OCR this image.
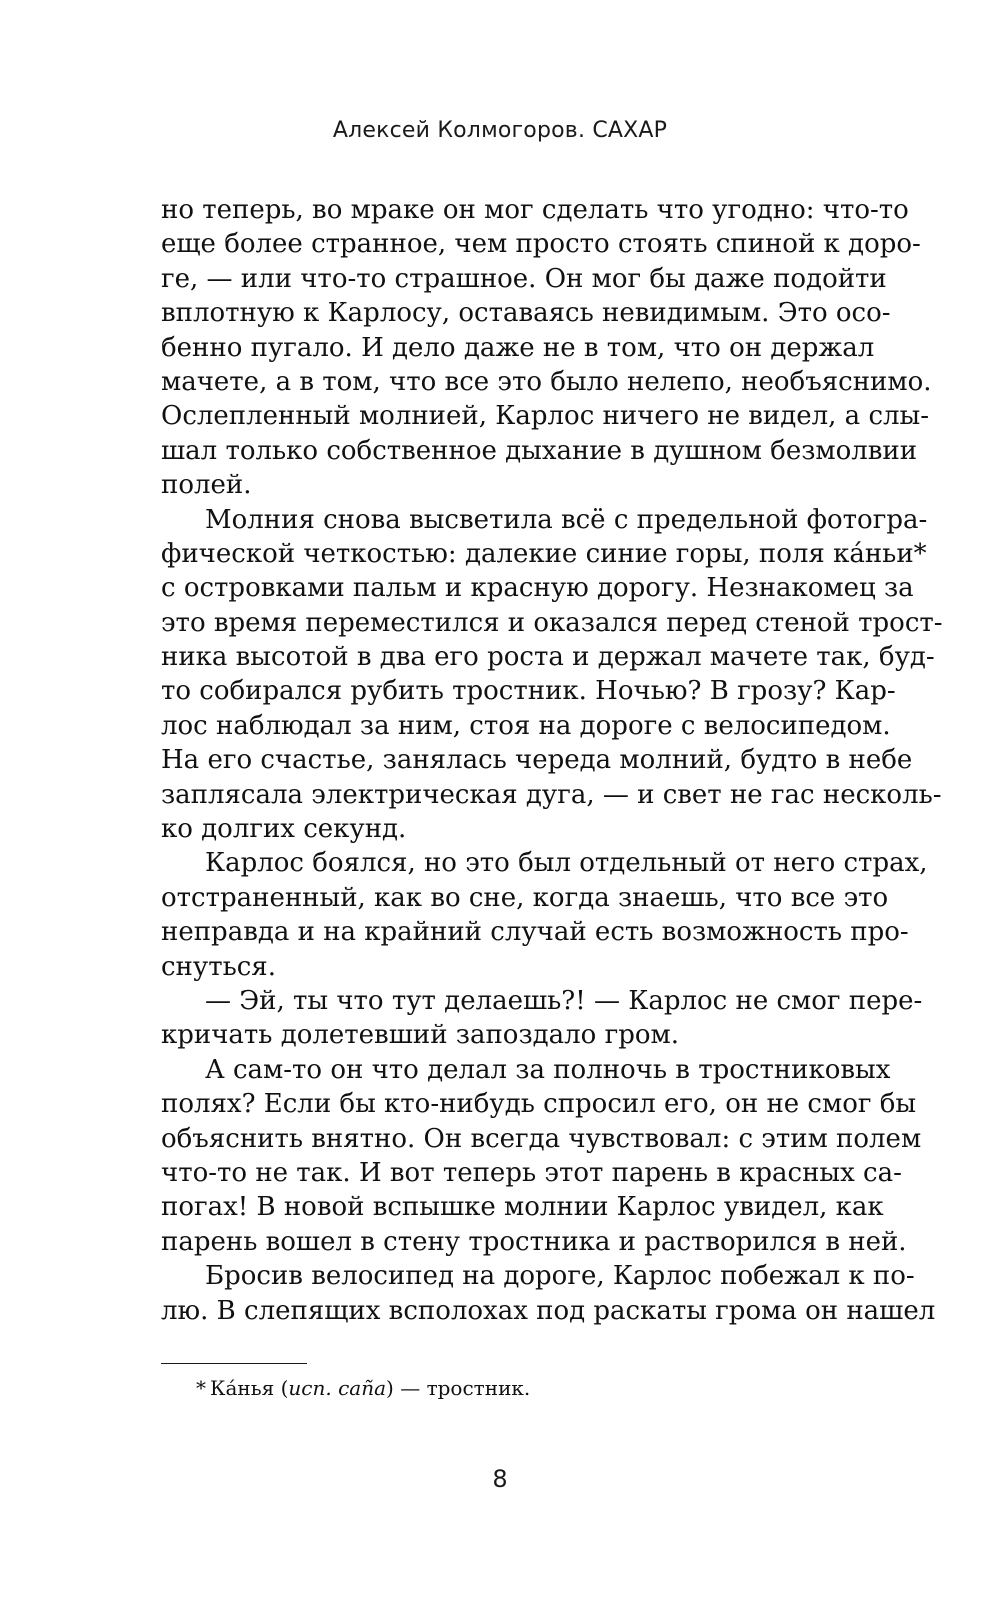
Алексей Колмогоров. САХАР
но теперь, во мраке он мог сделать что угодно: что-то
еще более странное, чем просто стоять спиной к доро-
ге, — или что-то страшное. Он мог бы даже подойти
вплотную к Карлосу, оставаясь невидимым. Это осо-
бенно пугало. И дело даже не в том, что он держал
мачете, а в том, что все это было нелепо, необъяснимо.
Ослепленный молнией, Карлос ничего не видел, а слы-
шал только собственное дыхание в душном безмолвии
полей.
Молния снова высветила всё с предельной фотогра-
фической четкостью: далекие синие горы, поля ка́ньи*
с островками пальм и красную дорогу. Незнакомец за
это время переместился и оказался перед стеной трост-
ника высотой в два его роста и держал мачете так, буд-
то собирался рубить тростник. Ночью? В грозу? Кар-
лос наблюдал за ним, стоя на дороге с велосипедом.
На его счастье, занялась череда молний, будто в небе
заплясала электрическая дуга, — и свет не гас несколь-
ко долгих секунд.
Карлос боялся, но это был отдельный от него страх,
отстраненный, как во сне, когда знаешь, что все это
неправда и на крайний случай есть возможность про-
снуться.
— Эй, ты что тут делаешь?! — Карлос не смог пере-
кричать долетевший запоздало гром.
А сам-то он что делал за полночь в тростниковых
полях? Если бы кто-нибудь спросил его, он не смог бы
объяснить внятно. Он всегда чувствовал: с этим полем
что-то не так. И вот теперь этот парень в красных са-
погах! В новой вспышке молнии Карлос увидел, как
парень вошел в стену тростника и растворился в ней.
Бросив велосипед на дороге, Карлос побежал к по-
лю. В слепящих всполохах под раскаты грома он нашел
* Ка́нья (исп. caña) — тростник.
8
